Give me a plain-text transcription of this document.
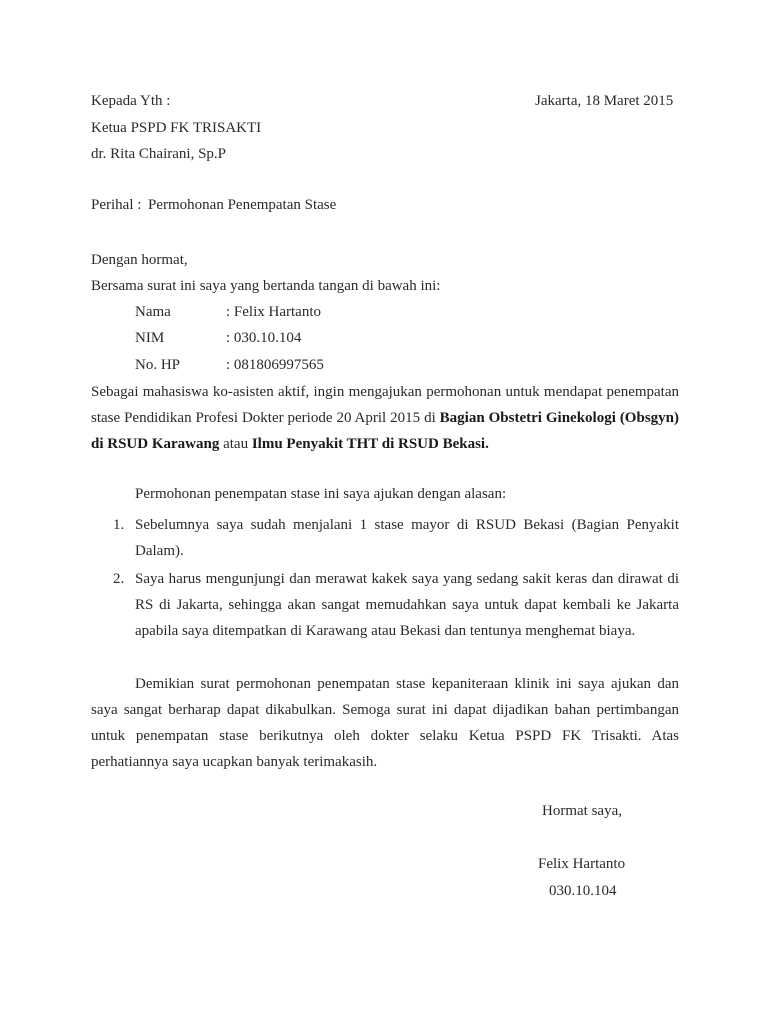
Kepada Yth :	Jakarta, 18 Maret 2015
Ketua PSPD FK TRISAKTI
dr. Rita Chairani, Sp.P
Perihal : Permohonan Penempatan Stase
Dengan hormat,
Bersama surat ini saya yang bertanda tangan di bawah ini:
Nama	: Felix Hartanto
NIM	: 030.10.104
No. HP	: 081806997565
Sebagai mahasiswa ko-asisten aktif, ingin mengajukan permohonan untuk mendapat penempatan stase Pendidikan Profesi Dokter periode 20 April 2015 di Bagian Obstetri Ginekologi (Obsgyn) di RSUD Karawang atau Ilmu Penyakit THT di RSUD Bekasi.
Permohonan penempatan stase ini saya ajukan dengan alasan:
1. Sebelumnya saya sudah menjalani 1 stase mayor di RSUD Bekasi (Bagian Penyakit Dalam).
2. Saya harus mengunjungi dan merawat kakek saya yang sedang sakit keras dan dirawat di RS di Jakarta, sehingga akan sangat memudahkan saya untuk dapat kembali ke Jakarta apabila saya ditempatkan di Karawang atau Bekasi dan tentunya menghemat biaya.
Demikian surat permohonan penempatan stase kepaniteraan klinik ini saya ajukan dan saya sangat berharap dapat dikabulkan. Semoga surat ini dapat dijadikan bahan pertimbangan untuk penempatan stase berikutnya oleh dokter selaku Ketua PSPD FK Trisakti. Atas perhatiannya saya ucapkan banyak terimakasih.
Hormat saya,
Felix Hartanto
030.10.104
